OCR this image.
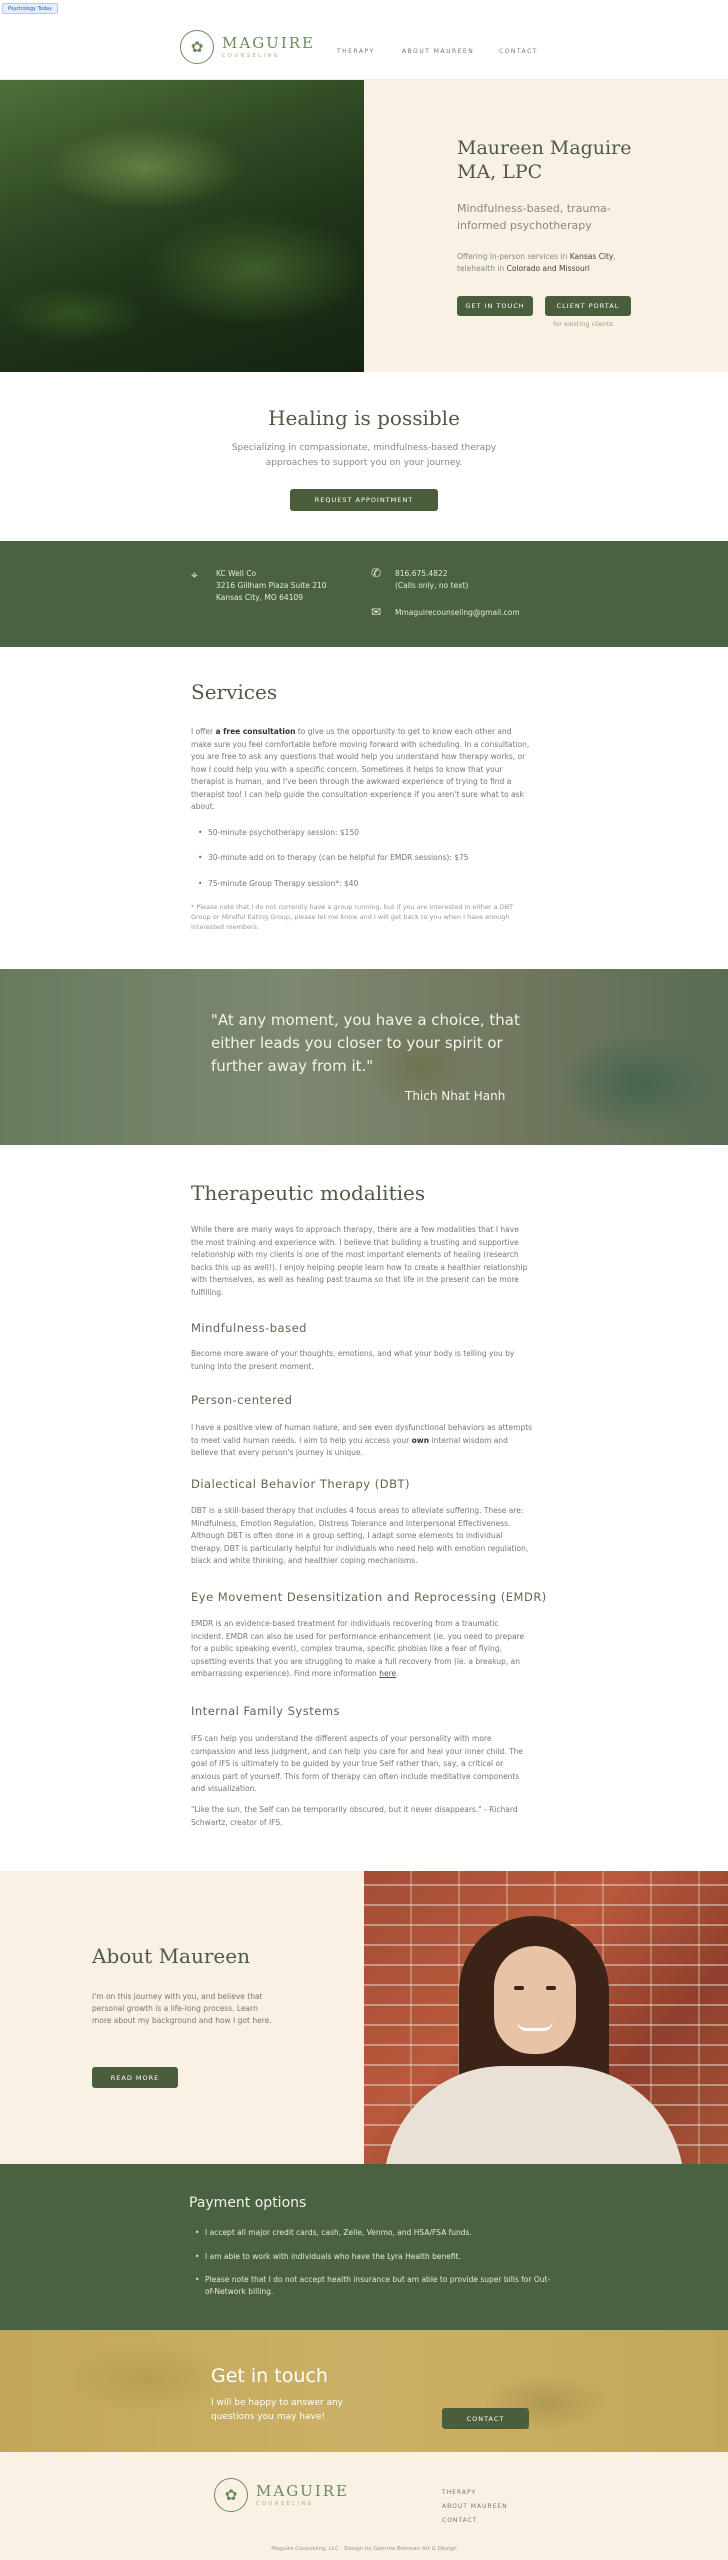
✿	MAGUIRE
COUNSELING
THERAPY	ABOUT MAUREEN	CONTACT
Psychology Today
Maureen Maguire
MA, LPC
Mindfulness-based, trauma-
informed psychotherapy
Offering in-person services in Kansas City,
telehealth in Colorado and Missouri
GET IN TOUCH	CLIENT PORTAL
for existing clients
Healing is possible
Specializing in compassionate, mindfulness-based therapy
approaches to support you on your journey.
REQUEST APPOINTMENT
⌖ KC Well Co
3216 Gillham Plaza Suite 210
Kansas City, MO 64109
✆ 816.675.4822
(Calls only, no text)
✉ Mmaguirecounseling@gmail.com
Services
I offer a free consultation to give us the opportunity to get to know each other and make sure you feel comfortable before moving forward with scheduling. In a consultation, you are free to ask any questions that would help you understand how therapy works, or how I could help you with a specific concern. Sometimes it helps to know that your therapist is human, and I've been through the awkward experience of trying to find a therapist too! I can help guide the consultation experience if you aren't sure what to ask about.
• 50-minute psychotherapy session: $150
• 30-minute add on to therapy (can be helpful for EMDR sessions): $75
• 75-minute Group Therapy session*: $40
* Please note that I do not currently have a group running, but if you are interested in either a DBT Group or Mindful Eating Group, please let me know and I will get back to you when I have enough interested members.
"At any moment, you have a choice, that either leads you closer to your spirit or further away from it."
Thich Nhat Hanh
Therapeutic modalities
While there are many ways to approach therapy, there are a few modalities that I have the most training and experience with. I believe that building a trusting and supportive relationship with my clients is one of the most important elements of healing (research backs this up as well!). I enjoy helping people learn how to create a healthier relationship with themselves, as well as healing past trauma so that life in the present can be more fulfilling.
Mindfulness-based
Become more aware of your thoughts, emotions, and what your body is telling you by tuning into the present moment.
Person-centered
I have a positive view of human nature, and see even dysfunctional behaviors as attempts to meet valid human needs. I aim to help you access your own internal wisdom and believe that every person's journey is unique.
Dialectical Behavior Therapy (DBT)
DBT is a skill-based therapy that includes 4 focus areas to alleviate suffering. These are: Mindfulness, Emotion Regulation, Distress Tolerance and Interpersonal Effectiveness. Although DBT is often done in a group setting, I adapt some elements to individual therapy. DBT is particularly helpful for individuals who need help with emotion regulation, black and white thinking, and healthier coping mechanisms.
Eye Movement Desensitization and Reprocessing (EMDR)
EMDR is an evidence-based treatment for individuals recovering from a traumatic incident. EMDR can also be used for performance enhancement (ie. you need to prepare for a public speaking event), complex trauma, specific phobias like a fear of flying, upsetting events that you are struggling to make a full recovery from (ie. a breakup, an embarrassing experience). Find more information here.
Internal Family Systems
IFS can help you understand the different aspects of your personality with more compassion and less judgment, and can help you care for and heal your inner child. The goal of IFS is ultimately to be guided by your true Self rather than, say, a critical or anxious part of yourself. This form of therapy can often include meditative components and visualization.
"Like the sun, the Self can be temporarily obscured, but it never disappears." - Richard Schwartz, creator of IFS.
About Maureen
I'm on this journey with you, and believe that personal growth is a life-long process. Learn more about my background and how I got here.
READ MORE
Payment options
• I accept all major credit cards, cash, Zelle, Venmo, and HSA/FSA funds.
• I am able to work with individuals who have the Lyra Health benefit.
• Please note that I do not accept health insurance but am able to provide super bills for Out-of-Network billing.
Get in touch
I will be happy to answer any
questions you may have!	CONTACT
✿	MAGUIRE
COUNSELING
THERAPY
ABOUT MAUREEN
CONTACT
Maguire Counseling, LLC · Design by Gemma Brennan Art & Design
